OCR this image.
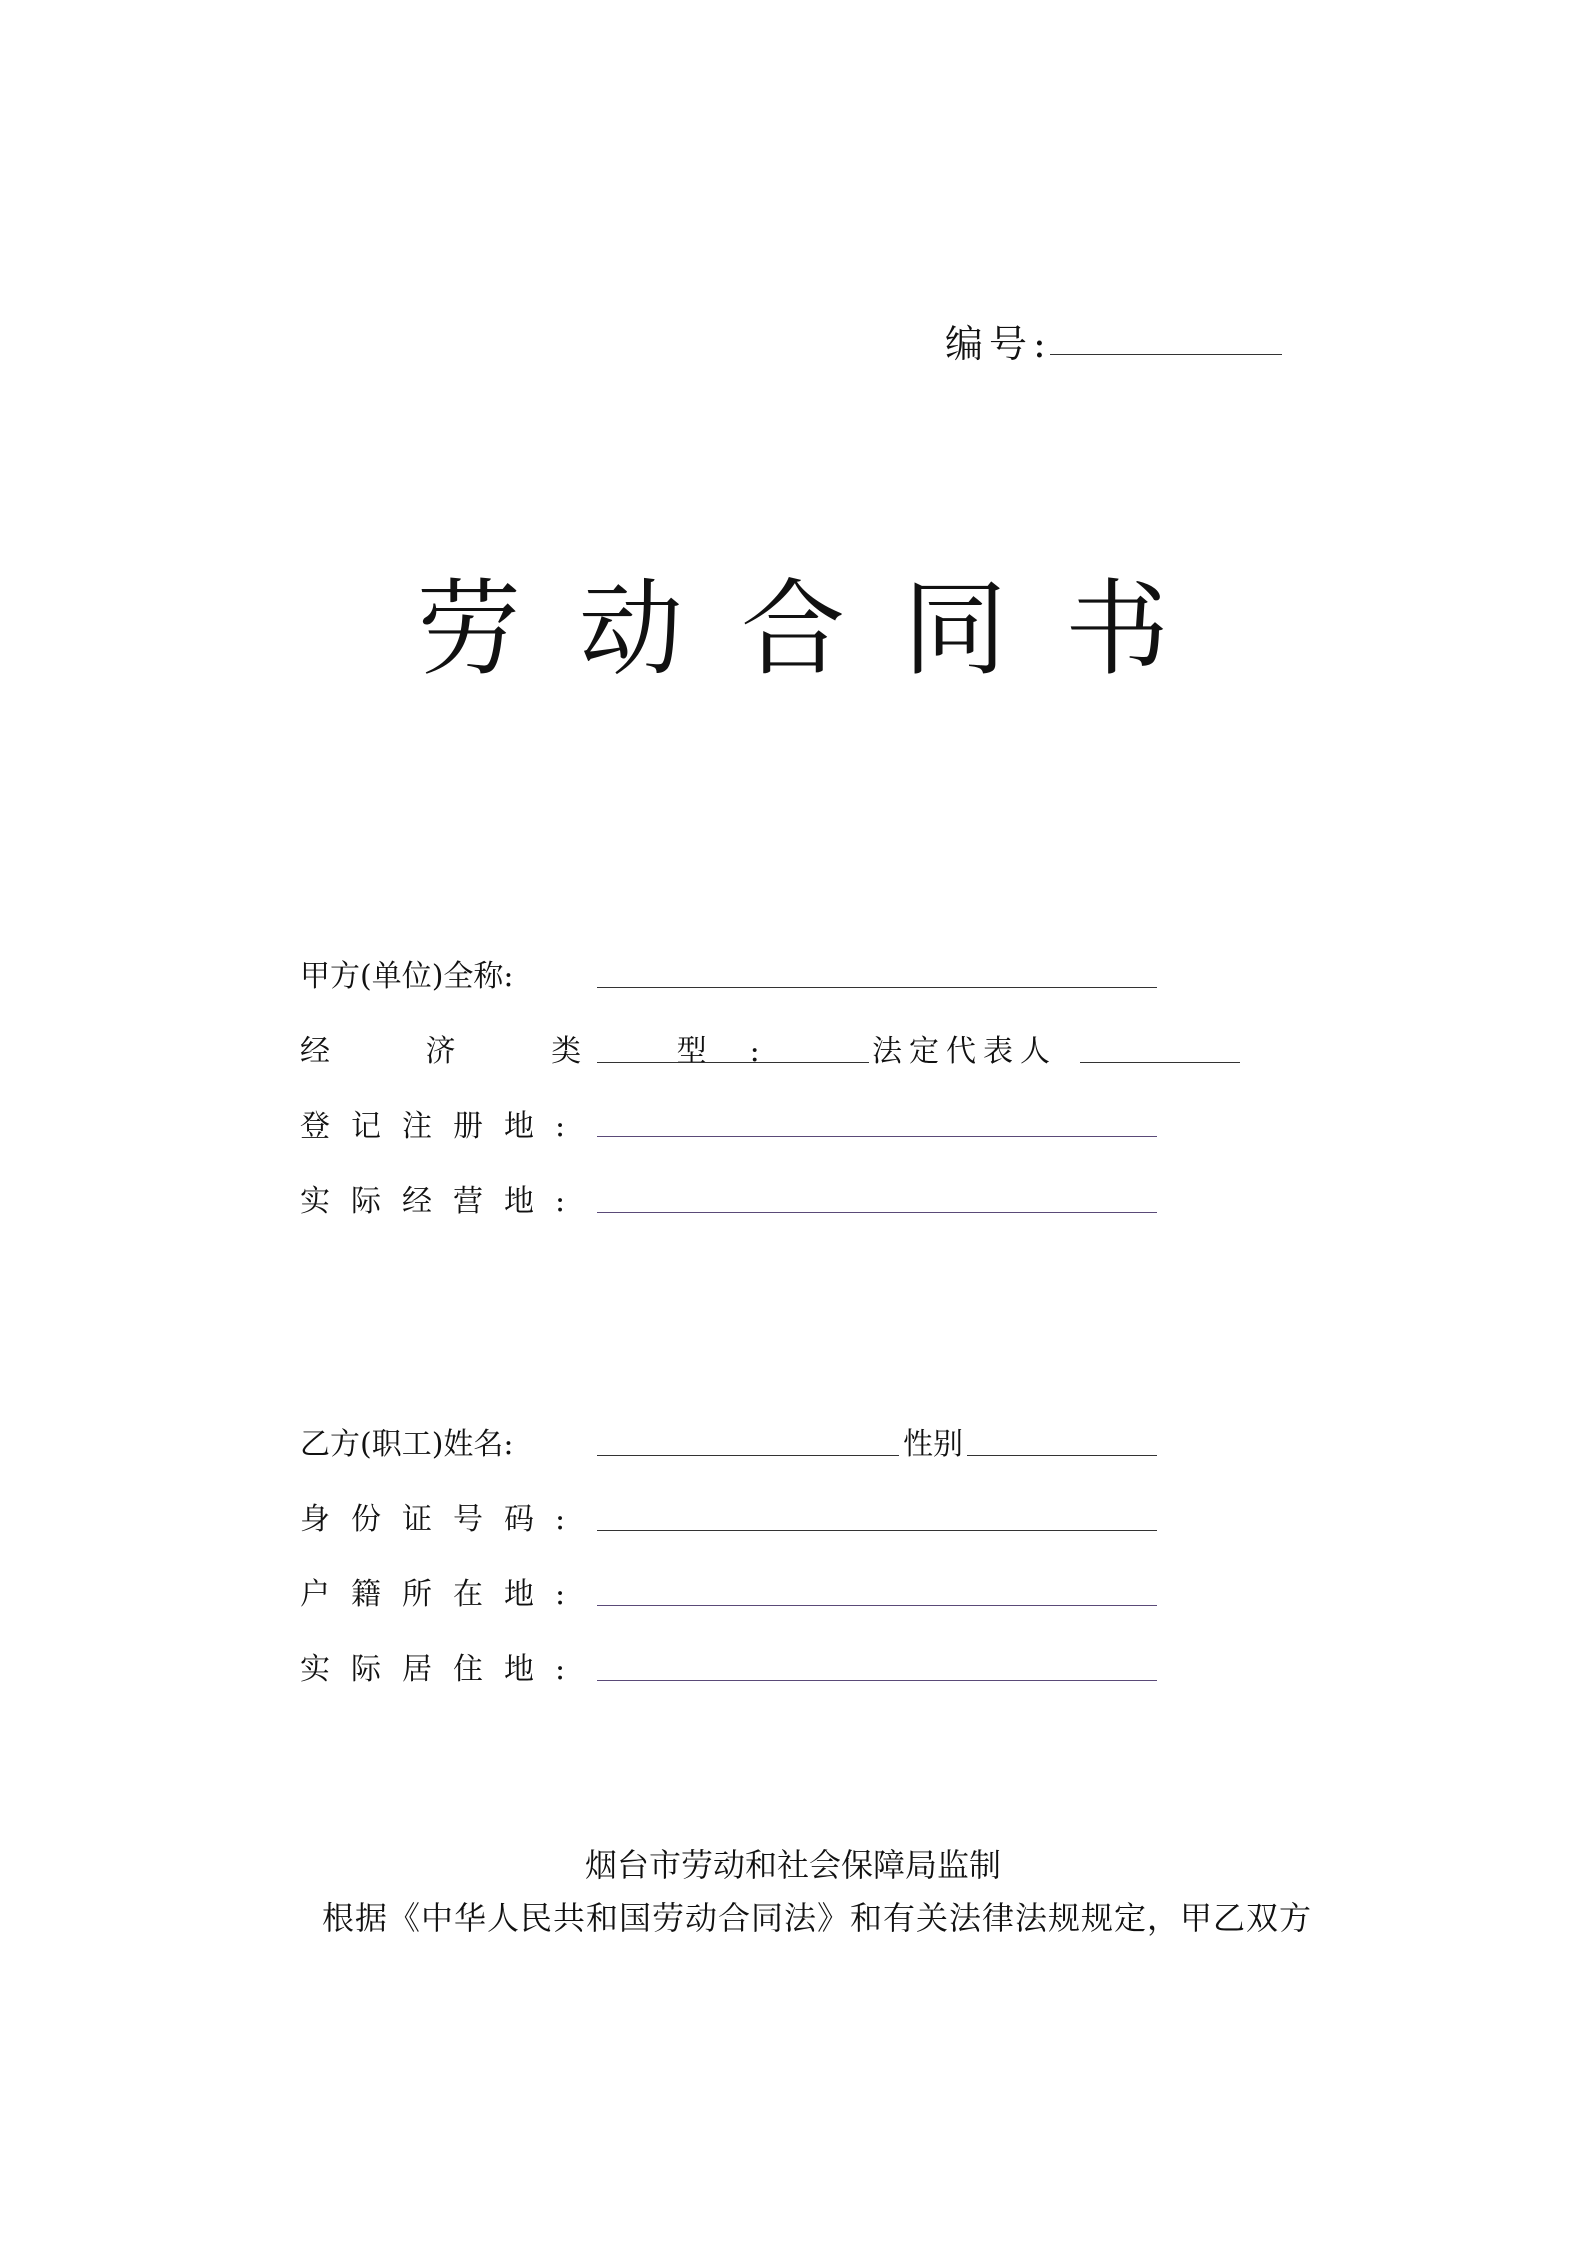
编号:
劳动合同书
甲方(单位)全称:
经 济 类 型: 法定代表人
登记注册地:
实际经营地:
乙方(职工)姓名:	性别
身份证号码:
户籍所在地:
实际居住地:
烟台市劳动和社会保障局监制
根据《中华人民共和国劳动合同法》和有关法律法规规定，甲乙双方
